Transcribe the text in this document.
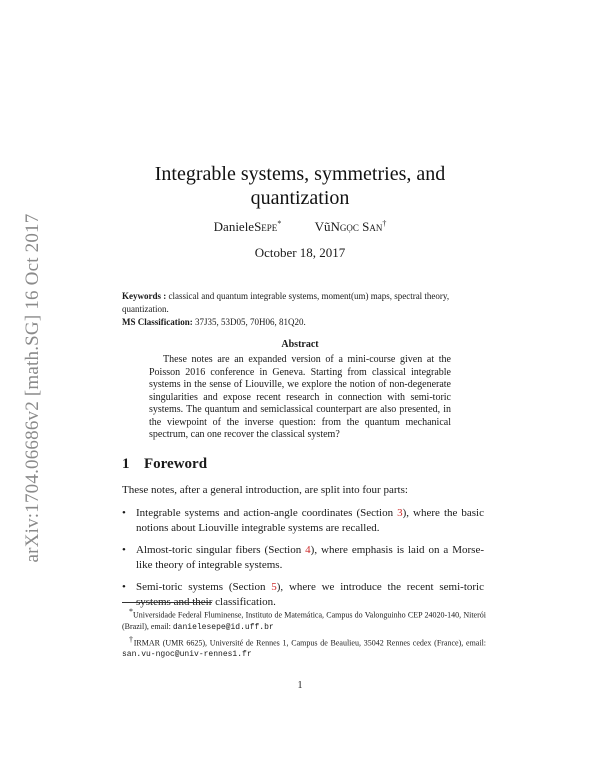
arXiv:1704.06686v2 [math.SG] 16 Oct 2017
Integrable systems, symmetries, and
quantization
DanieleSepe*	VũNgọc San†
October 18, 2017
Keywords : classical and quantum integrable systems, moment(um) maps, spectral theory, quantization.
MS Classification: 37J35, 53D05, 70H06, 81Q20.
Abstract
These notes are an expanded version of a mini-course given at the Poisson 2016 conference in Geneva. Starting from classical integrable systems in the sense of Liouville, we explore the notion of non-degenerate singularities and expose recent research in connection with semi-toric systems. The quantum and semiclassical counterpart are also presented, in the viewpoint of the inverse question: from the quantum mechanical spectrum, can one recover the classical system?
1 Foreword
These notes, after a general introduction, are split into four parts:
• Integrable systems and action-angle coordinates (Section 3), where the basic notions about Liouville integrable systems are recalled.
• Almost-toric singular fibers (Section 4), where emphasis is laid on a Morse-like theory of integrable systems.
• Semi-toric systems (Section 5), where we introduce the recent semi-toric systems and their classification.

*Universidade Federal Fluminense, Instituto de Matemática, Campus do Valonguinho CEP 24020-140, Niterói (Brazil), email: danielesepe@id.uff.br

†IRMAR (UMR 6625), Université de Rennes 1, Campus de Beaulieu, 35042 Rennes cedex (France), email: san.vu-ngoc@univ-rennes1.fr

1
